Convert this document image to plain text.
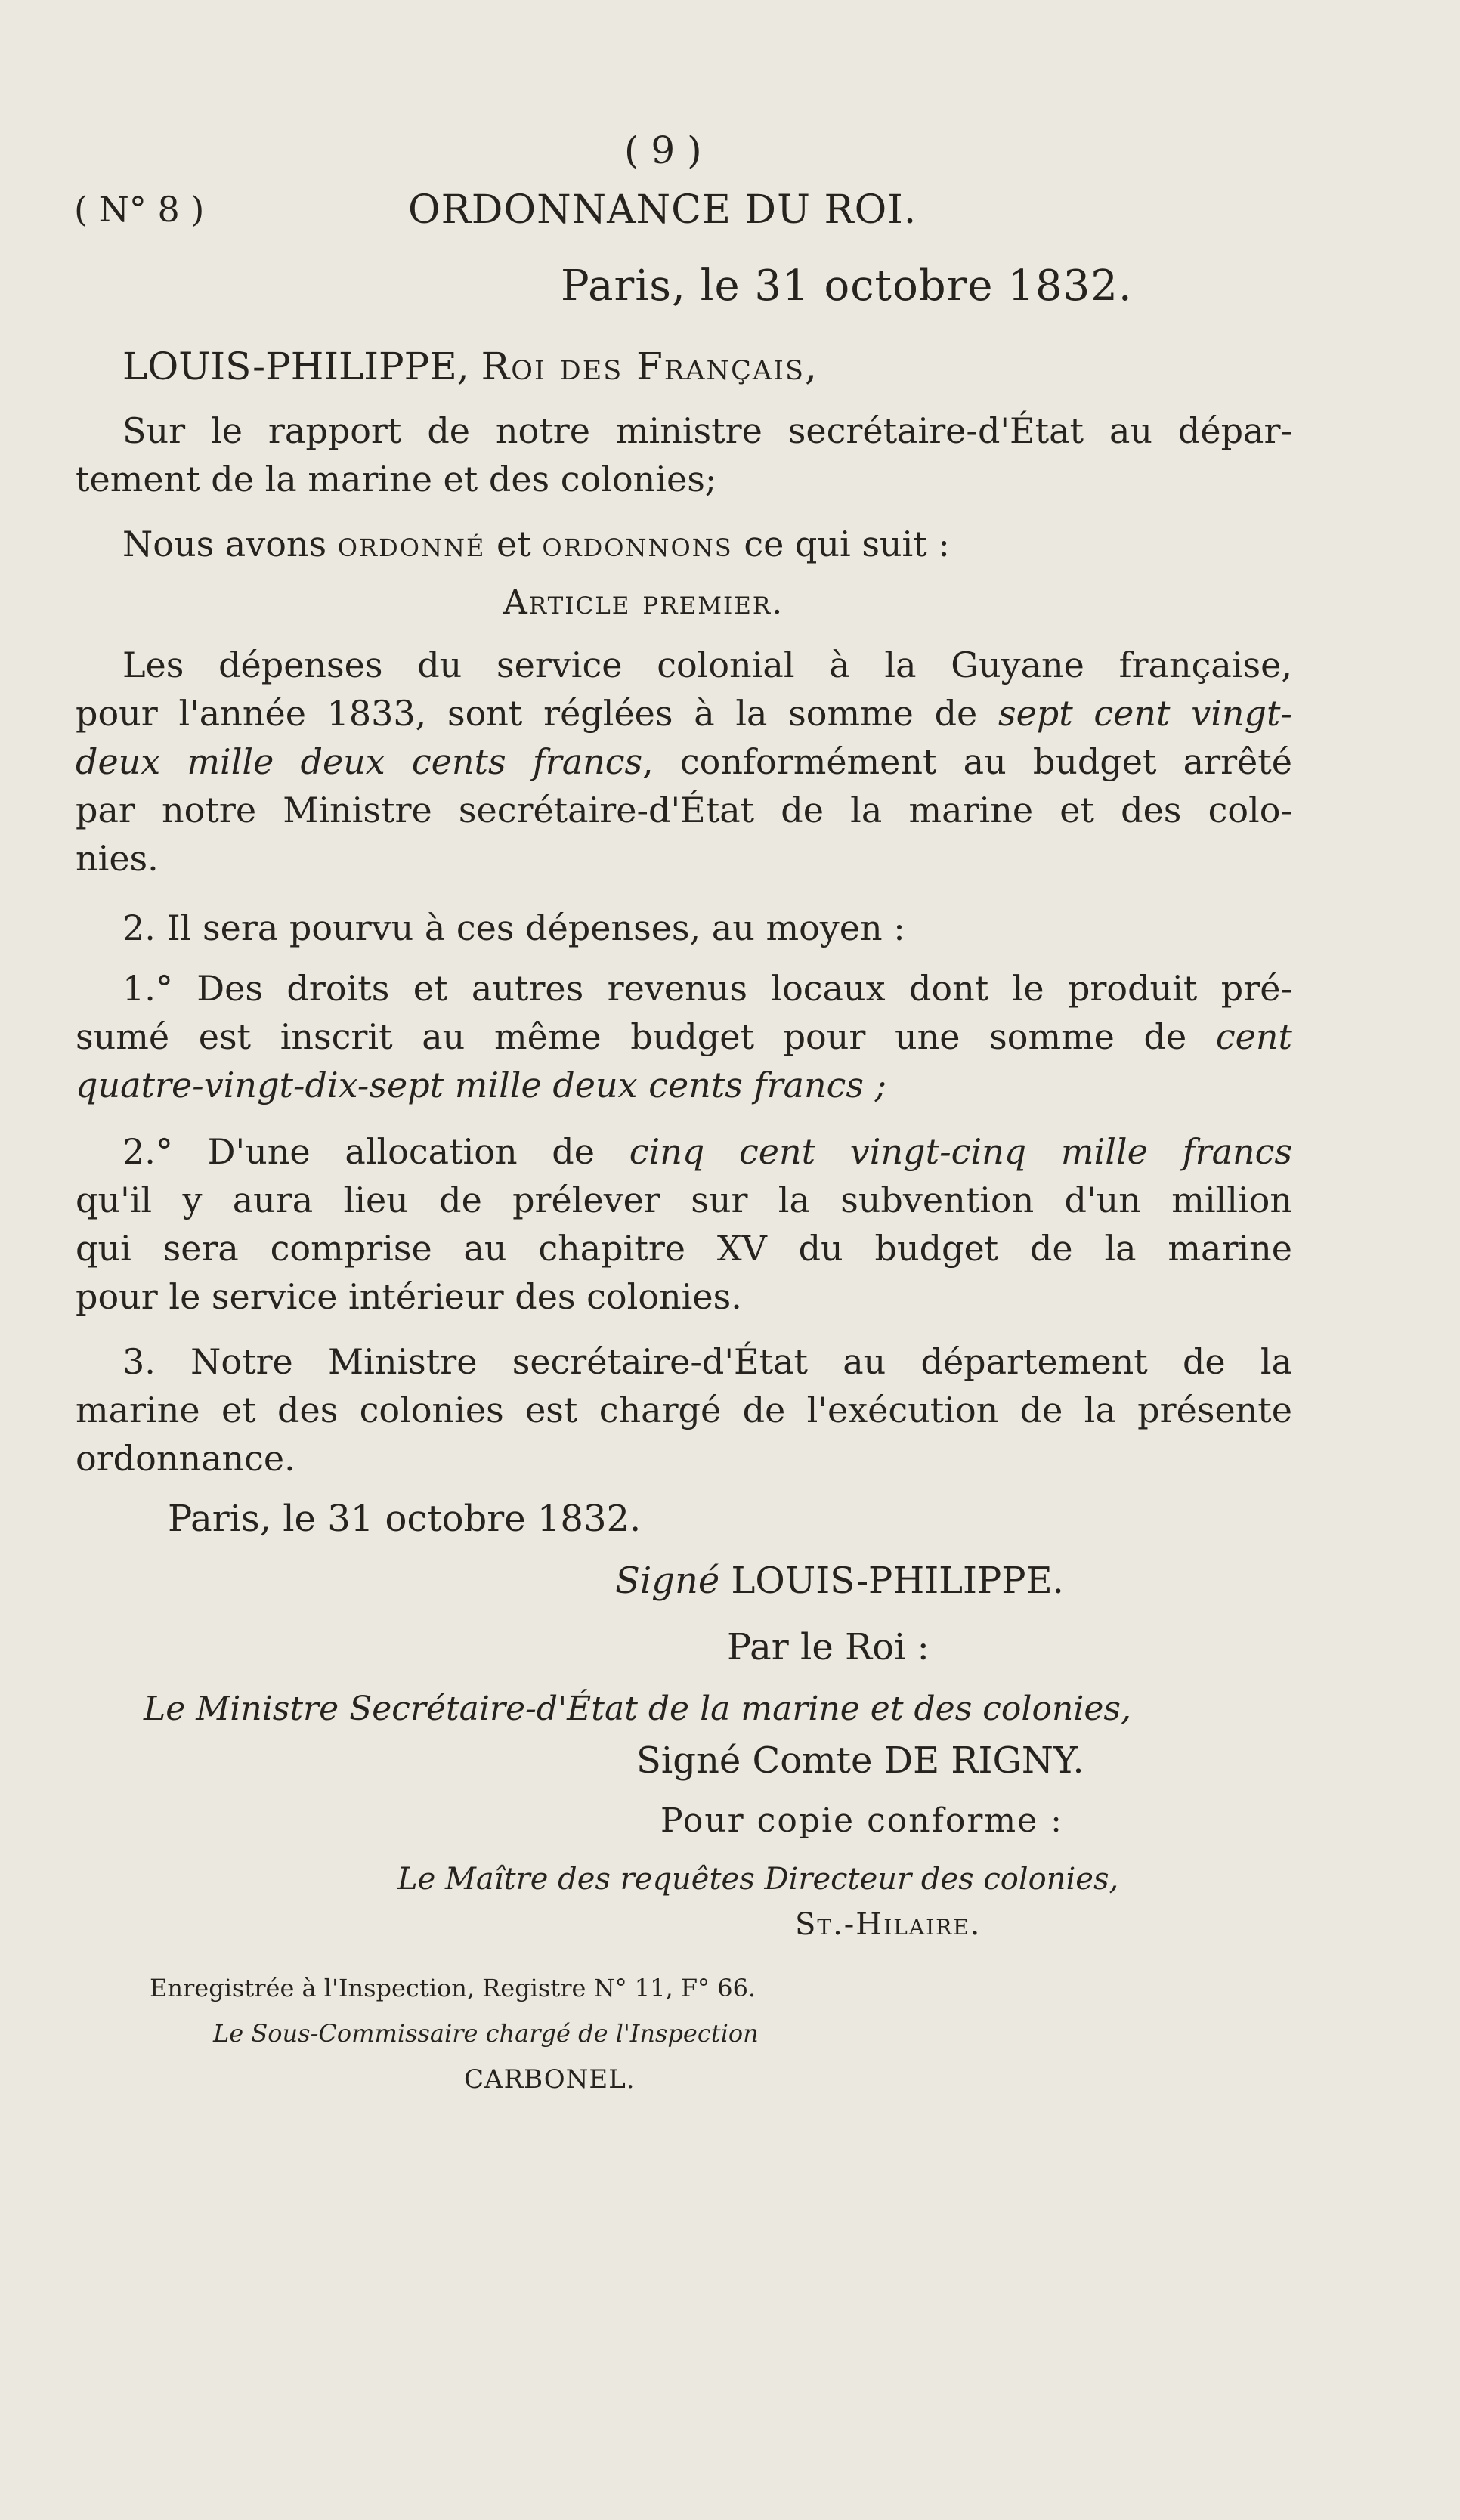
( 9 )
( N° 8 )	ORDONNANCE DU ROI.
Paris, le 31 octobre 1832.
LOUIS-PHILIPPE, Roi des Français,
Sur le rapport de notre ministre secrétaire-d'État au dépar-
tement de la marine et des colonies;
Nous avons ordonné et ordonnons ce qui suit :
Article premier.
Les dépenses du service colonial à la Guyane française,
pour l'année 1833, sont réglées à la somme de sept cent vingt-
deux mille deux cents francs, conformément au budget arrêté
par notre Ministre secrétaire-d'État de la marine et des colo-
nies.
2. Il sera pourvu à ces dépenses, au moyen :
1.° Des droits et autres revenus locaux dont le produit pré-
sumé est inscrit au même budget pour une somme de cent
quatre-vingt-dix-sept mille deux cents francs ;
2.° D'une allocation de cinq cent vingt-cinq mille francs
qu'il y aura lieu de prélever sur la subvention d'un million
qui sera comprise au chapitre XV du budget de la marine
pour le service intérieur des colonies.
3. Notre Ministre secrétaire-d'État au département de la
marine et des colonies est chargé de l'exécution de la présente
ordonnance.
Paris, le 31 octobre 1832.
Signé LOUIS-PHILIPPE.
Par le Roi :
Le Ministre Secrétaire-d'État de la marine et des colonies,
Signé Comte DE RIGNY.
Pour copie conforme :
Le Maître des requêtes Directeur des colonies,
St.-Hilaire.
Enregistrée à l'Inspection, Registre N° 11, F° 66.
Le Sous-Commissaire chargé de l'Inspection
CARBONEL.
